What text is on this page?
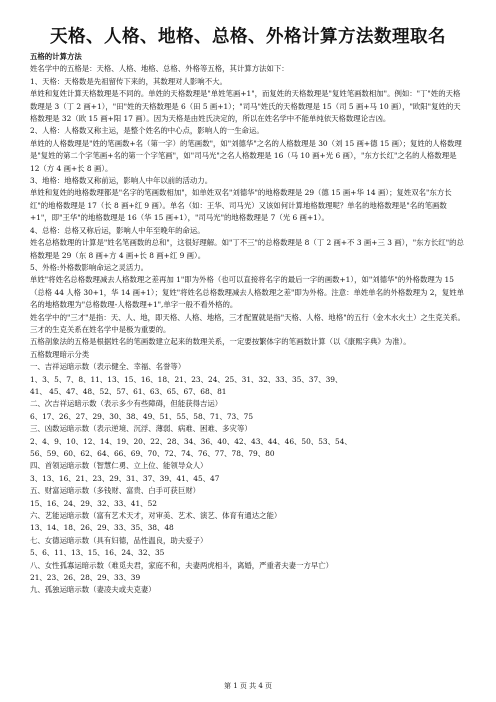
天格、人格、地格、总格、外格计算方法数理取名

五格的计算方法

姓名学中的五格是：天格、人格、地格、总格、外格等五格，其计算方法如下：

1、天格：天格数是先祖留传下来的，其数理对人影响不大。

单姓和复姓计算天格数理是不同的。单姓的天格数理是"单姓笔画+1"，而复姓的天格数理是"复姓笔画数相加"。例如："丁"姓的天格数理是 3（丁 2 画+1），"田"姓的天格数理是 6（田 5 画+1）；"司马"姓氏的天格数理是 15（司 5 画+马 10 画），"欧阳"复姓的天格数理是 32（欧 15 画+阳 17 画）。因为天格是由姓氏决定的，所以在姓名学中不能单纯依天格数理论吉凶。

2、人格：人格数又称主运，是整个姓名的中心点，影响人的一生命运。

单姓的人格数理是"姓的笔画数+名（第一字）的笔画数"，如"刘德华"之名的人格数理是 30（刘 15 画+德 15 画）；复姓的人格数理是"复姓的第二个字笔画+名的第一个字笔画"，如"司马光"之名人格数理是 16（马 10 画+光 6 画），"东方长红"之名的人格数理是 12（方 4 画+长 8 画）。

3、地格：地格数又称前运，影响人中年以前的活动力。

单姓和复姓的地格数理都是"名字的笔画数相加"，如单姓双名"刘德华"的地格数理是 29（德 15 画+华 14 画）；复姓双名"东方长红"的地格数理是 17（长 8 画+红 9 画）。单名（如：王华、司马光）又该如何计算地格数理呢？单名的地格数理是"名的笔画数+1"，即"王华"的地格数理是 16（华 15 画+1），"司马光"的地格数理是 7（光 6 画+1）。

4、总格：总格又称后运，影响人中年至晚年的命运。

姓名总格数理的计算是"姓名笔画数的总和"，这很好理解。如"丁不三"的总格数理是 8（丁 2 画+不 3 画+三 3 画），"东方长红"的总格数理是 29（东 8 画+方 4 画+长 8 画+红 9 画）。

5、外格:外格数影响命运之灵活力。

单姓"将姓名总格数理减去人格数理之差再加 1"即为外格（也可以直接将名字的最后一字的画数+1），如"刘德华"的外格数理为 15（总格 44 人格 30+1，华 14 画+1）；复姓"将姓名总格数理减去人格数理之差"即为外格。注意：单姓单名的外格数理为 2，复姓单名的地格数理为"总格数理-人格数理+1",单字一般不看外格的。

姓名学中的"三才"是指：天、人、地，即天格、人格、地格，三才配置就是指"天格、人格、地格"的五行（金木水火土）之生克关系。三才的生克关系在姓名学中是极为重要的。

五格剖象法的五格是根据姓名的笔画数建立起来的数理关系，一定要按繁体字的笔画数计算（以《康熙字典》为准）。

五格数理暗示分类

一、吉祥运暗示数（表示健全、幸福、名誉等）

1、3、5、7、8、11、13、15、16、18、21、23、24、25、31、32、33、35、37、39、

41、 45、47、48、52、57、61、63、65、67、68、81

二、次吉祥运暗示数（表示多少有些障碍，但能获得吉运）

6、17、26、27、29、30、38、49、51、55、58、71、73、75

三、凶数运暗示数（表示逆境、沉浮、薄弱、病难、困难、多灾等）

2、4、9、10、12、14、19、20、22、28、34、36、40、42、43、44、46、50、53、54、

56、59、60、62、64、66、69、70、72、74、76、77、78、79、80

四、首领运暗示数（智慧仁勇、立上位、能领导众人）

3、13、16、21、23、29、31、37、39、41、45、47

五、财富运暗示数（多钱财、富贵、白手可获巨财）

15、16、24、29、32、33、41、52

六、艺能运暗示数（富有艺术天才，对审美、艺术、演艺、体育有通达之能）

13、14、18、26、29、33、35、38、48

七、女德运暗示数（具有妇德，品性温良，助夫爱子）

5、6、11、13、15、16、24、32、35

八、女性孤寡运暗示数（难觅夫君，家庭不和，夫妻两虎相斗，离婚，严重者夫妻一方早亡）

21、23、26、28、29、33、39

九、孤独运暗示数（妻凌夫或夫克妻）

第 1 页 共 4 页
